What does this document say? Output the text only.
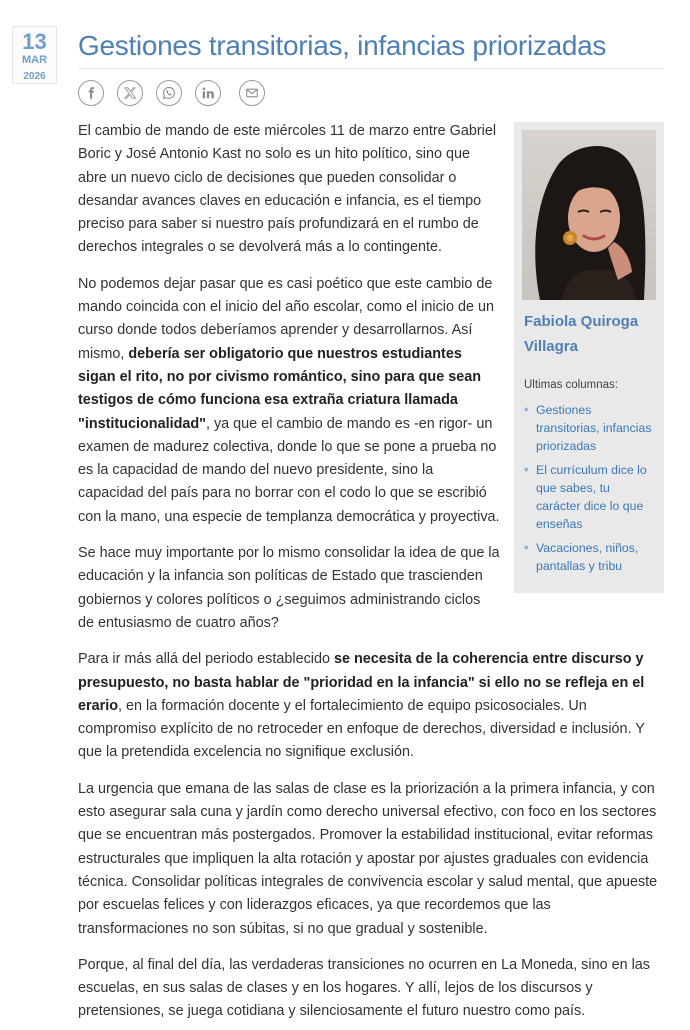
13
MAR
2026
Gestiones transitorias, infancias priorizadas
Fabiola Quiroga Villagra
Ultimas columnas:
◆ Gestiones transitorias, infancias priorizadas
◆ El currículum dice lo que sabes, tu carácter dice lo que enseñas
◆ Vacaciones, niños, pantallas y tribu

El cambio de mando de este miércoles 11 de marzo entre Gabriel Boric y José Antonio Kast no solo es un hito político, sino que abre un nuevo ciclo de decisiones que pueden consolidar o desandar avances claves en educación e infancia, es el tiempo preciso para saber si nuestro país profundizará en el rumbo de derechos integrales o se devolverá más a lo contingente.

No podemos dejar pasar que es casi poético que este cambio de mando coincida con el inicio del año escolar, como el inicio de un curso donde todos deberíamos aprender y desarrollarnos. Así mismo, debería ser obligatorio que nuestros estudiantes sigan el rito, no por civismo romántico, sino para que sean testigos de cómo funciona esa extraña criatura llamada "institucionalidad", ya que el cambio de mando es -en rigor- un examen de madurez colectiva, donde lo que se pone a prueba no es la capacidad de mando del nuevo presidente, sino la capacidad del país para no borrar con el codo lo que se escribió con la mano, una especie de templanza democrática y proyectiva.

Se hace muy importante por lo mismo consolidar la idea de que la educación y la infancia son políticas de Estado que trascienden gobiernos y colores políticos o ¿seguimos administrando ciclos de entusiasmo de cuatro años?

Para ir más allá del periodo establecido se necesita de la coherencia entre discurso y presupuesto, no basta hablar de "prioridad en la infancia" si ello no se refleja en el erario, en la formación docente y el fortalecimiento de equipo psicosociales. Un compromiso explícito de no retroceder en enfoque de derechos, diversidad e inclusión. Y que la pretendida excelencia no signifique exclusión.

La urgencia que emana de las salas de clase es la priorización a la primera infancia, y con esto asegurar sala cuna y jardín como derecho universal efectivo, con foco en los sectores que se encuentran más postergados. Promover la estabilidad institucional, evitar reformas estructurales que impliquen la alta rotación y apostar por ajustes graduales con evidencia técnica. Consolidar políticas integrales de convivencia escolar y salud mental, que apueste por escuelas felices y con liderazgos eficaces, ya que recordemos que las transformaciones no son súbitas, si no que gradual y sostenible.

Porque, al final del día, las verdaderas transiciones no ocurren en La Moneda, sino en las escuelas, en sus salas de clases y en los hogares. Y allí, lejos de los discursos y pretensiones, se juega cotidiana y silenciosamente el futuro nuestro como país.
